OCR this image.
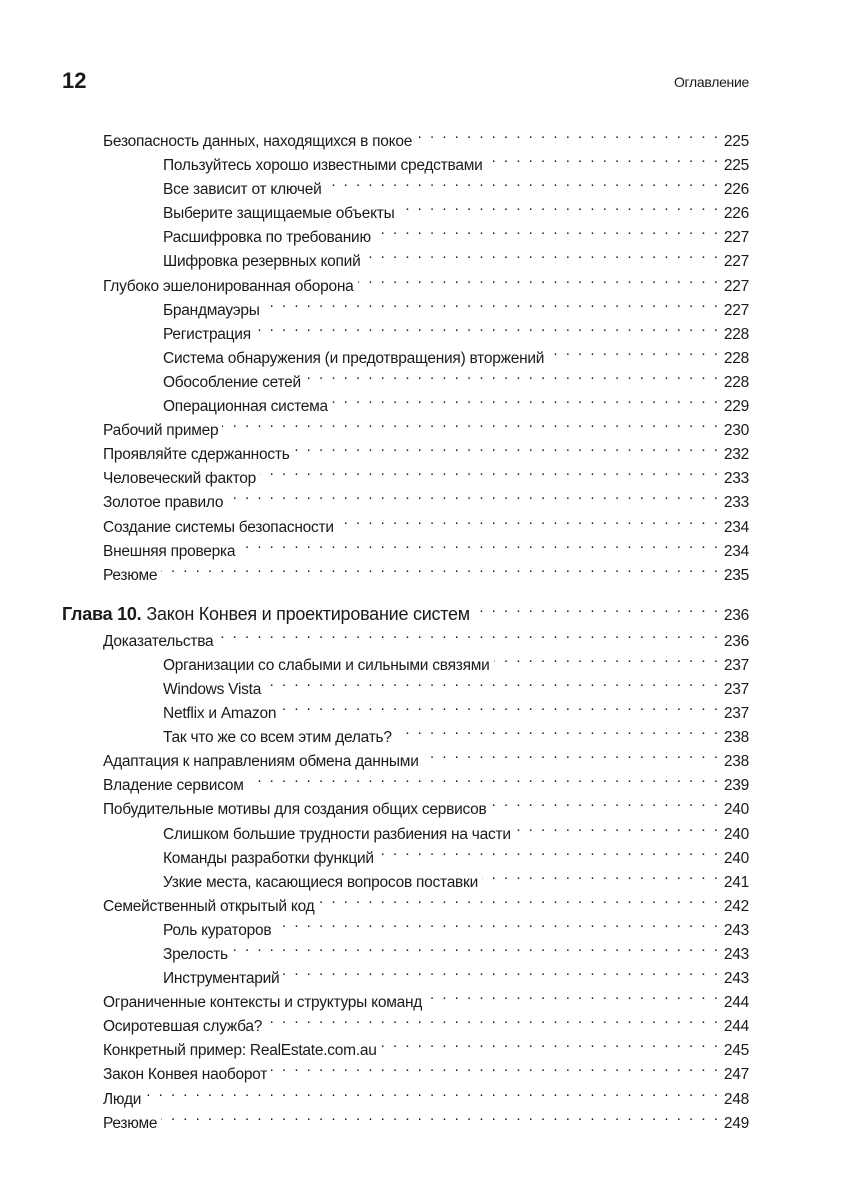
12	Оглавление
Безопасность данных, находящихся в покое . . .	225
Пользуйтесь хорошо известными средствами . . .	225
Все зависит от ключей . . .	226
Выберите защищаемые объекты . . .	226
Расшифровка по требованию . . .	227
Шифровка резервных копий . . .	227
Глубоко эшелонированная оборона . . .	227
Брандмауэры . . .	227
Регистрация . . .	228
Система обнаружения (и предотвращения) вторжений . . .	228
Обособление сетей . . .	228
Операционная система . . .	229
Рабочий пример . . .	230
Проявляйте сдержанность . . .	232
Человеческий фактор . . .	233
Золотое правило . . .	233
Создание системы безопасности . . .	234
Внешняя проверка . . .	234
Резюме . . .	235
Глава 10. Закон Конвея и проектирование систем . . .	236
Доказательства . . .	236
Организации со слабыми и сильными связями . . .	237
Windows Vista . . .	237
Netflix и Amazon . . .	237
Так что же со всем этим делать? . . .	238
Адаптация к направлениям обмена данными . . .	238
Владение сервисом . . .	239
Побудительные мотивы для создания общих сервисов . . .	240
Слишком большие трудности разбиения на части . . .	240
Команды разработки функций . . .	240
Узкие места, касающиеся вопросов поставки . . .	241
Семейственный открытый код . . .	242
Роль кураторов . . .	243
Зрелость . . .	243
Инструментарий . . .	243
Ограниченные контексты и структуры команд . . .	244
Осиротевшая служба? . . .	244
Конкретный пример: RealEstate.com.au . . .	245
Закон Конвея наоборот . . .	247
Люди . . .	248
Резюме . . .	249
